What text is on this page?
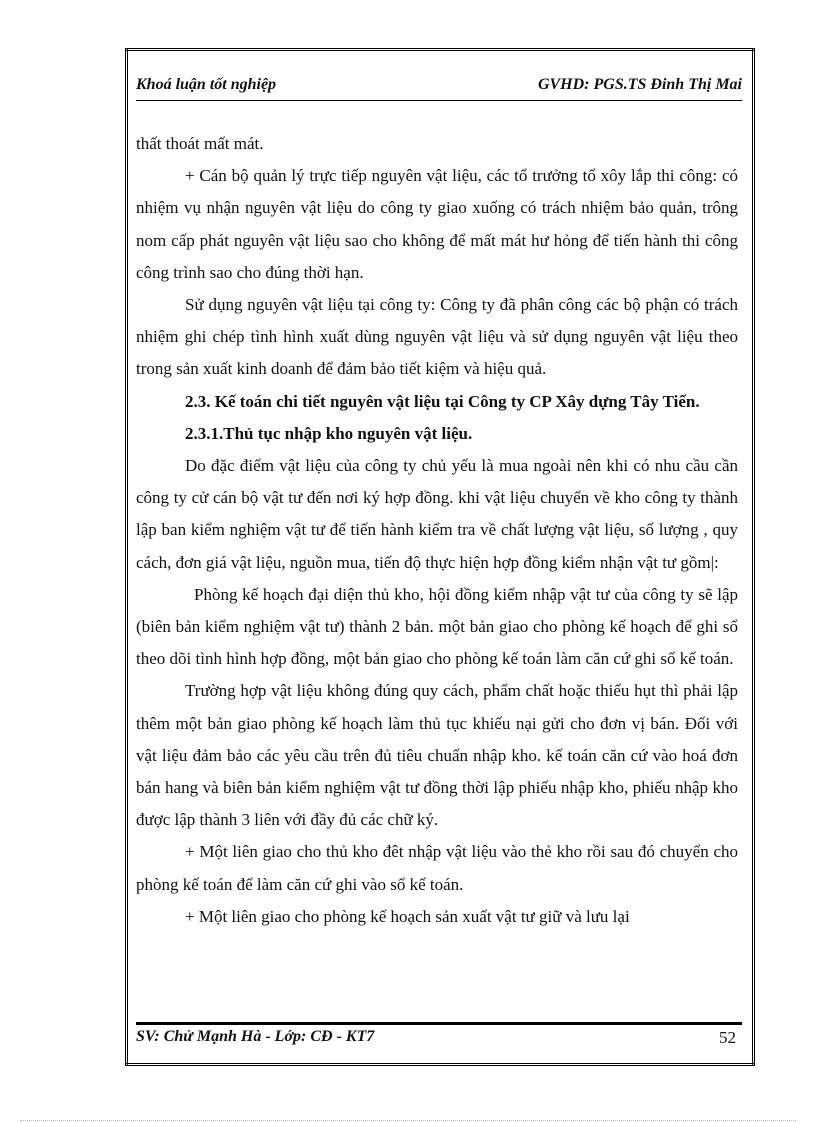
Khoá luận tốt nghiệp	GVHD: PGS.TS Đinh Thị Mai

thất thoát mất mát.

+ Cán bộ quản lý trực tiếp nguyên vật liệu, các tổ trưởng tổ xôy lắp thi công: có nhiệm vụ nhận nguyên vật liệu do công ty giao xuống có trách nhiệm bảo quản, trông nom cấp phát nguyên vật liệu sao cho không để mất mát hư hỏng để tiến hành thi công công trình sao cho đúng thời hạn.

Sử dụng nguyên vật liệu tại công ty: Công ty đã phân công các bộ phận có trách nhiệm ghi chép tình hình xuất dùng nguyên vật liệu và sử dụng nguyên vật liệu theo trong sản xuất kinh doanh để đảm bảo tiết kiệm và hiệu quả.

2.3. Kế toán chi tiết nguyên vật liệu tại Công ty CP Xây dựng Tây Tiến.

2.3.1.Thủ tục nhập kho nguyên vật liệu.

Do đặc điểm vật liệu của công ty chủ yếu là mua ngoài nên khi có nhu cầu cần công ty cử cán bộ vật tư đến nơi ký hợp đồng. khi vật liệu chuyển về kho công ty thành lập ban kiểm nghiệm vật tư để tiến hành kiểm tra về chất lượng vật liệu, số lượng , quy cách, đơn giá vật liệu, nguồn mua, tiến độ thực hiện hợp đồng kiểm nhận vật tư gồm|:

Phòng kế hoạch đại diện thủ kho, hội đồng kiểm nhập vật tư của công ty sẽ lập (biên bản kiểm nghiệm vật tư) thành 2 bản. một bản giao cho phòng kế hoạch để ghi sổ theo dõi tình hình hợp đồng, một bản giao cho phòng kế toán làm căn cứ ghi sổ kế toán.

Trường hợp vật liệu không đúng quy cách, phẩm chất hoặc thiếu hụt thì phải lập thêm một bản giao phòng kế hoạch làm thủ tục khiếu nại gửi cho đơn vị bán. Đối với vật liệu đảm bảo các yêu cầu trên đủ tiêu chuẩn nhập kho. kế toán căn cứ vào hoá đơn bán hang và biên bản kiểm nghiệm vật tư đồng thời lập phiếu nhập kho, phiếu nhập kho được lập thành 3 liên với đầy đủ các chữ ký.

+ Một liên giao cho thủ kho đêt nhập vật liệu vào thẻ kho rồi sau đó chuyển cho phòng kế toán để làm căn cứ ghi vào sổ kế toán.

+ Một liên giao cho phòng kế hoạch sản xuất vật tư giữ và lưu lại

SV: Chử Mạnh Hà - Lớp: CĐ - KT7	52
